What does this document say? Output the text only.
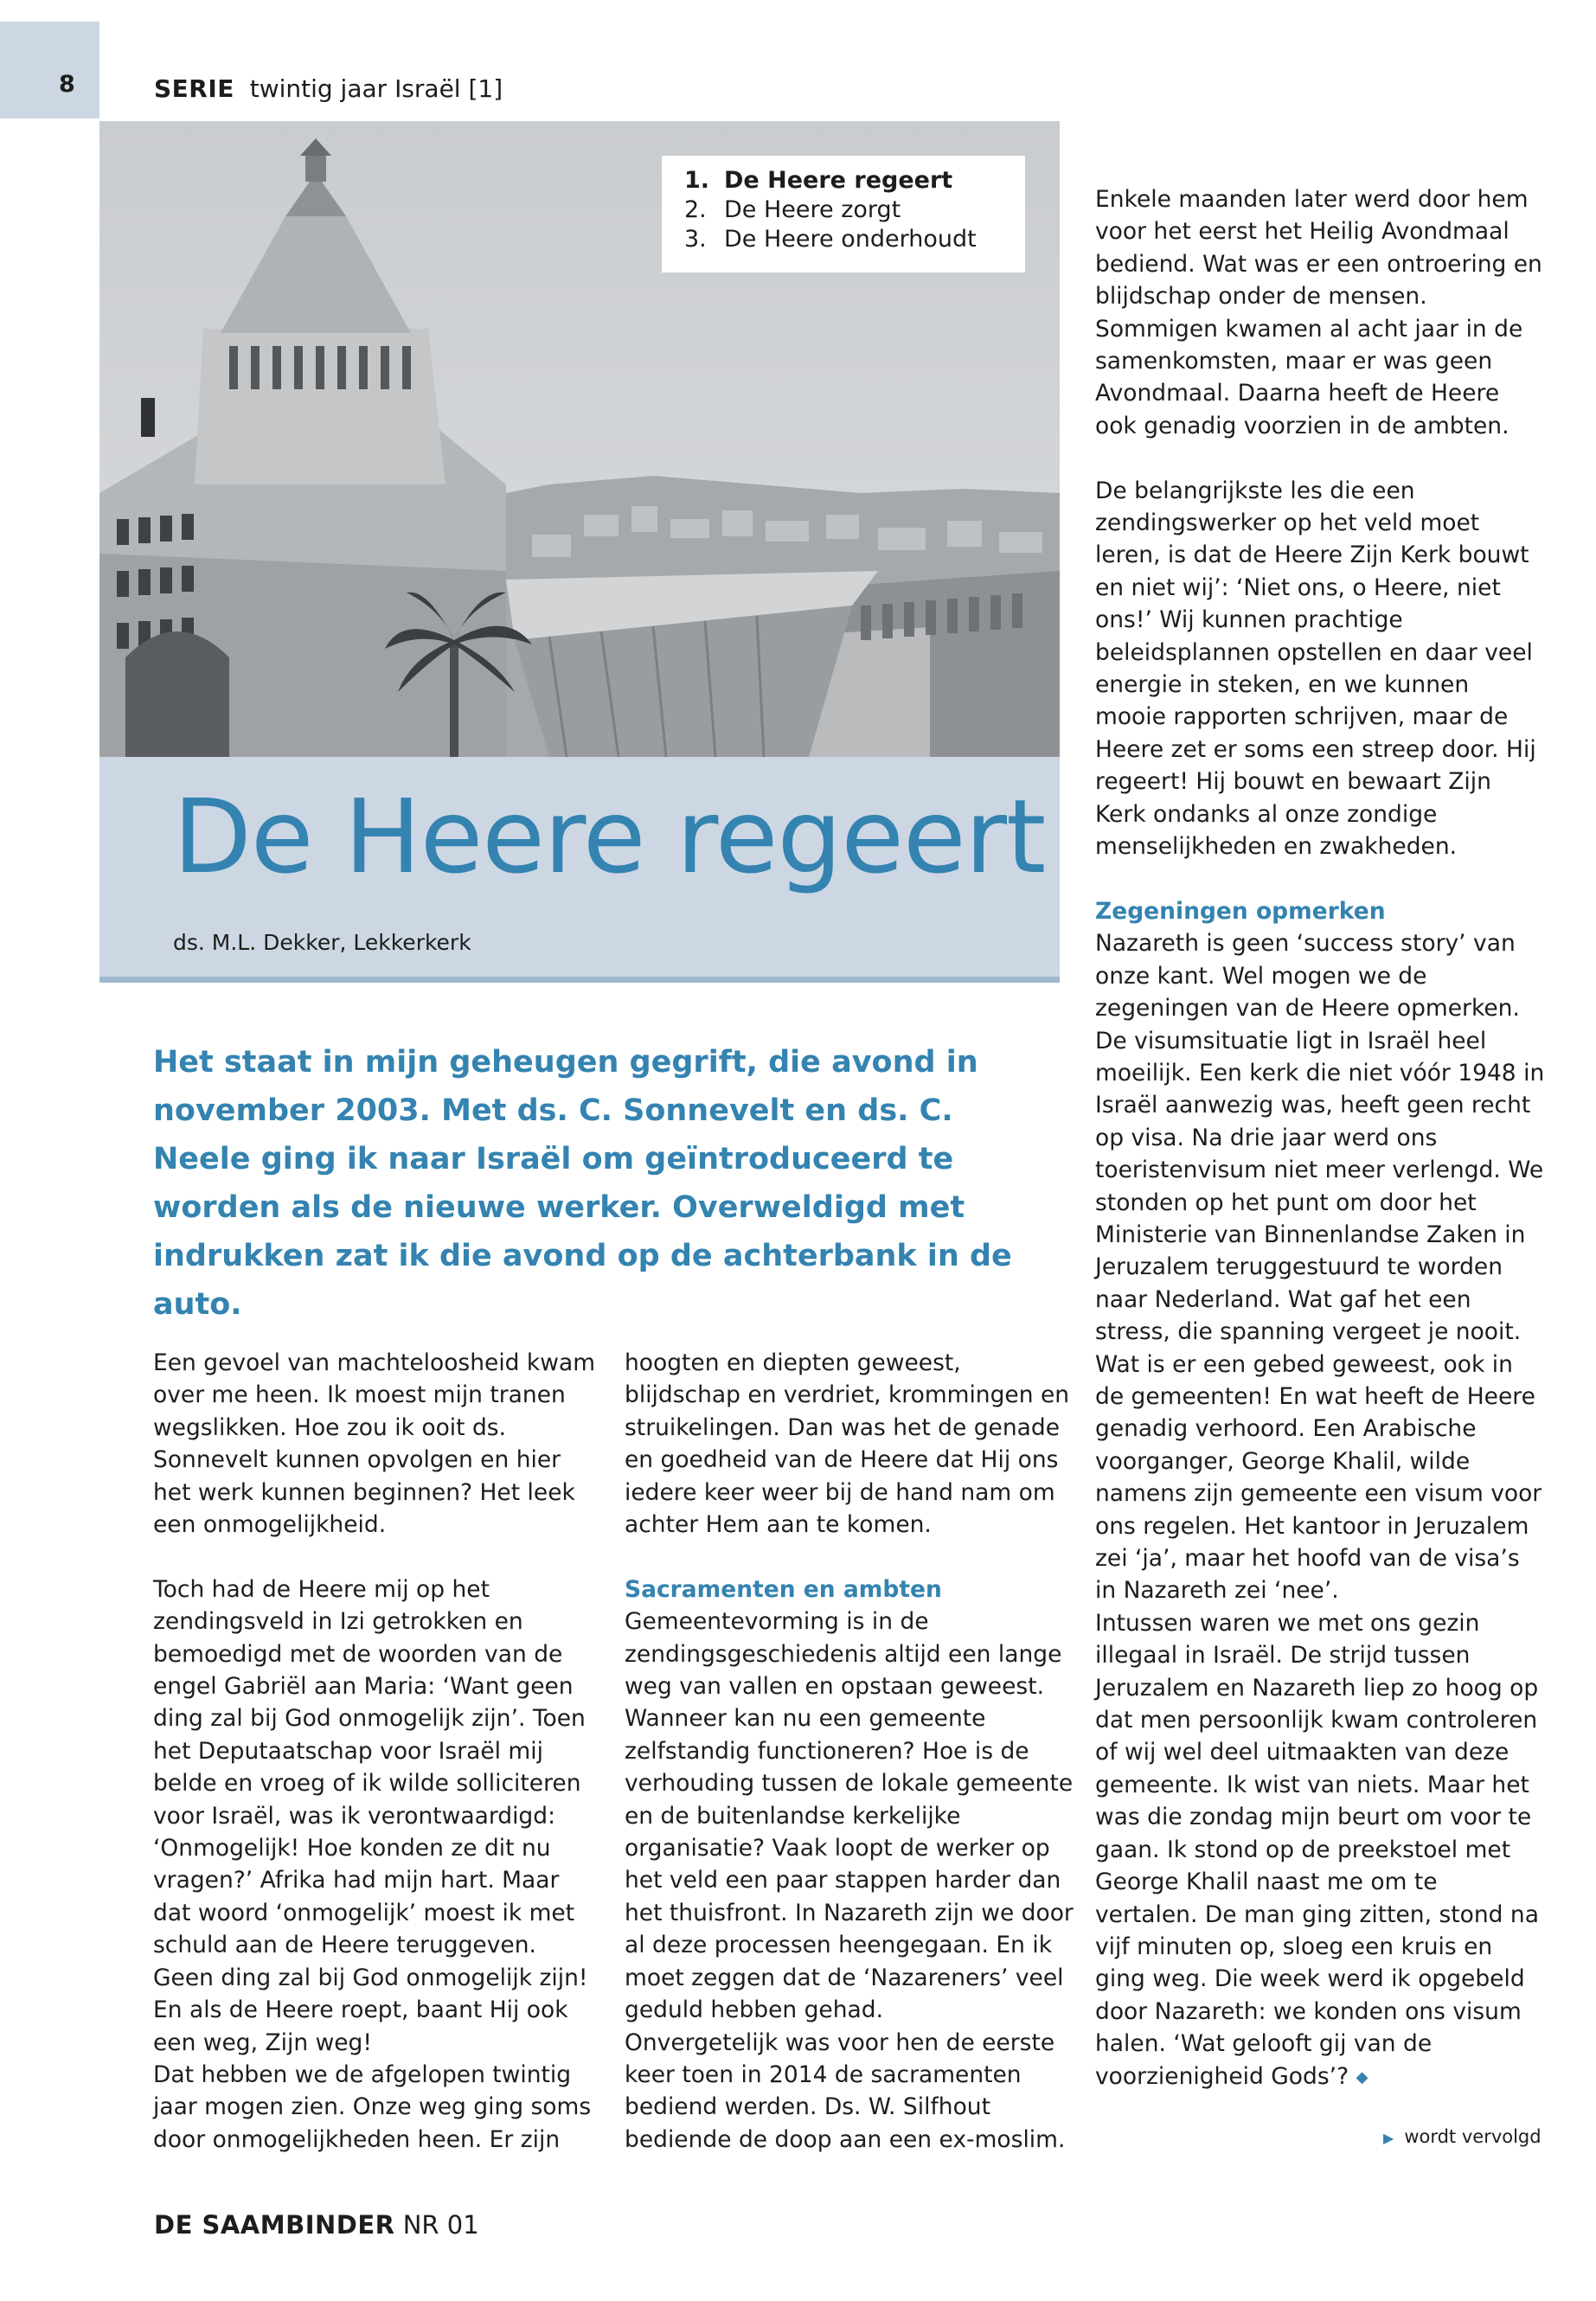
8	SERIE twintig jaar Israël [1]
1. De Heere regeert
2. De Heere zorgt
3. De Heere onderhoudt
De Heere regeert
ds. M.L. Dekker, Lekkerkerk
Het staat in mijn geheugen gegrift, die avond in november 2003. Met ds. C. Sonnevelt en ds. C. Neele ging ik naar Israël om geïntroduceerd te worden als de nieuwe werker. Overweldigd met indrukken zat ik die avond op de achterbank in de auto.

Een gevoel van machteloosheid kwam over me heen. Ik moest mijn tranen wegslikken. Hoe zou ik ooit ds. Sonnevelt kunnen opvolgen en hier het werk kunnen beginnen? Het leek een onmogelijkheid.

Toch had de Heere mij op het zendingsveld in Izi getrokken en bemoedigd met de woorden van de engel Gabriël aan Maria: ‘Want geen ding zal bij God onmogelijk zijn’. Toen het Deputaatschap voor Israël mij belde en vroeg of ik wilde solliciteren voor Israël, was ik verontwaardigd: ‘Onmogelijk! Hoe konden ze dit nu vragen?’ Afrika had mijn hart. Maar dat woord ‘onmogelijk’ moest ik met schuld aan de Heere teruggeven. Geen ding zal bij God onmogelijk zijn! En als de Heere roept, baant Hij ook een weg, Zijn weg!

Dat hebben we de afgelopen twintig jaar mogen zien. Onze weg ging soms door onmogelijkheden heen. Er zijn

hoogten en diepten geweest, blijdschap en verdriet, krommingen en struikelingen. Dan was het de genade en goedheid van de Heere dat Hij ons iedere keer weer bij de hand nam om achter Hem aan te komen.

Sacramenten en ambten

Gemeentevorming is in de zendingsgeschiedenis altijd een lange weg van vallen en opstaan geweest. Wanneer kan nu een gemeente zelfstandig functioneren? Hoe is de verhouding tussen de lokale gemeente en de buitenlandse kerkelijke organisatie? Vaak loopt de werker op het veld een paar stappen harder dan het thuisfront. In Nazareth zijn we door al deze processen heengegaan. En ik moet zeggen dat de ‘Nazareners’ veel geduld hebben gehad.

Onvergetelijk was voor hen de eerste keer toen in 2014 de sacramenten bediend werden. Ds. W. Silfhout bediende de doop aan een ex-moslim.

Enkele maanden later werd door hem voor het eerst het Heilig Avondmaal bediend. Wat was er een ontroering en blijdschap onder de mensen. Sommigen kwamen al acht jaar in de samenkomsten, maar er was geen Avondmaal. Daarna heeft de Heere ook genadig voorzien in de ambten.

De belangrijkste les die een zendingswerker op het veld moet leren, is dat de Heere Zijn Kerk bouwt en niet wij’: ‘Niet ons, o Heere, niet ons!’ Wij kunnen prachtige beleidsplannen opstellen en daar veel energie in steken, en we kunnen mooie rapporten schrijven, maar de Heere zet er soms een streep door. Hij regeert! Hij bouwt en bewaart Zijn Kerk ondanks al onze zondige menselijkheden en zwakheden.

Zegeningen opmerken

Nazareth is geen ‘success story’ van onze kant. Wel mogen we de zegeningen van de Heere opmerken. De visumsituatie ligt in Israël heel moeilijk. Een kerk die niet vóór 1948 in Israël aanwezig was, heeft geen recht op visa. Na drie jaar werd ons toeristenvisum niet meer verlengd. We stonden op het punt om door het Ministerie van Binnenlandse Zaken in Jeruzalem teruggestuurd te worden naar Nederland. Wat gaf het een stress, die spanning vergeet je nooit. Wat is er een gebed geweest, ook in de gemeenten! En wat heeft de Heere genadig verhoord. Een Arabische voorganger, George Khalil, wilde namens zijn gemeente een visum voor ons regelen. Het kantoor in Jeruzalem zei ‘ja’, maar het hoofd van de visa’s in Nazareth zei ‘nee’.

Intussen waren we met ons gezin illegaal in Israël. De strijd tussen Jeruzalem en Nazareth liep zo hoog op dat men persoonlijk kwam controleren of wij wel deel uitmaakten van deze gemeente. Ik wist van niets. Maar het was die zondag mijn beurt om voor te gaan. Ik stond op de preekstoel met George Khalil naast me om te vertalen. De man ging zitten, stond na vijf minuten op, sloeg een kruis en ging weg. Die week werd ik opgebeld door Nazareth: we konden ons visum halen. ‘Wat gelooft gij van de voorzienigheid Gods’? ◆

▶ wordt vervolgd
DE SAAMBINDER NR 01
